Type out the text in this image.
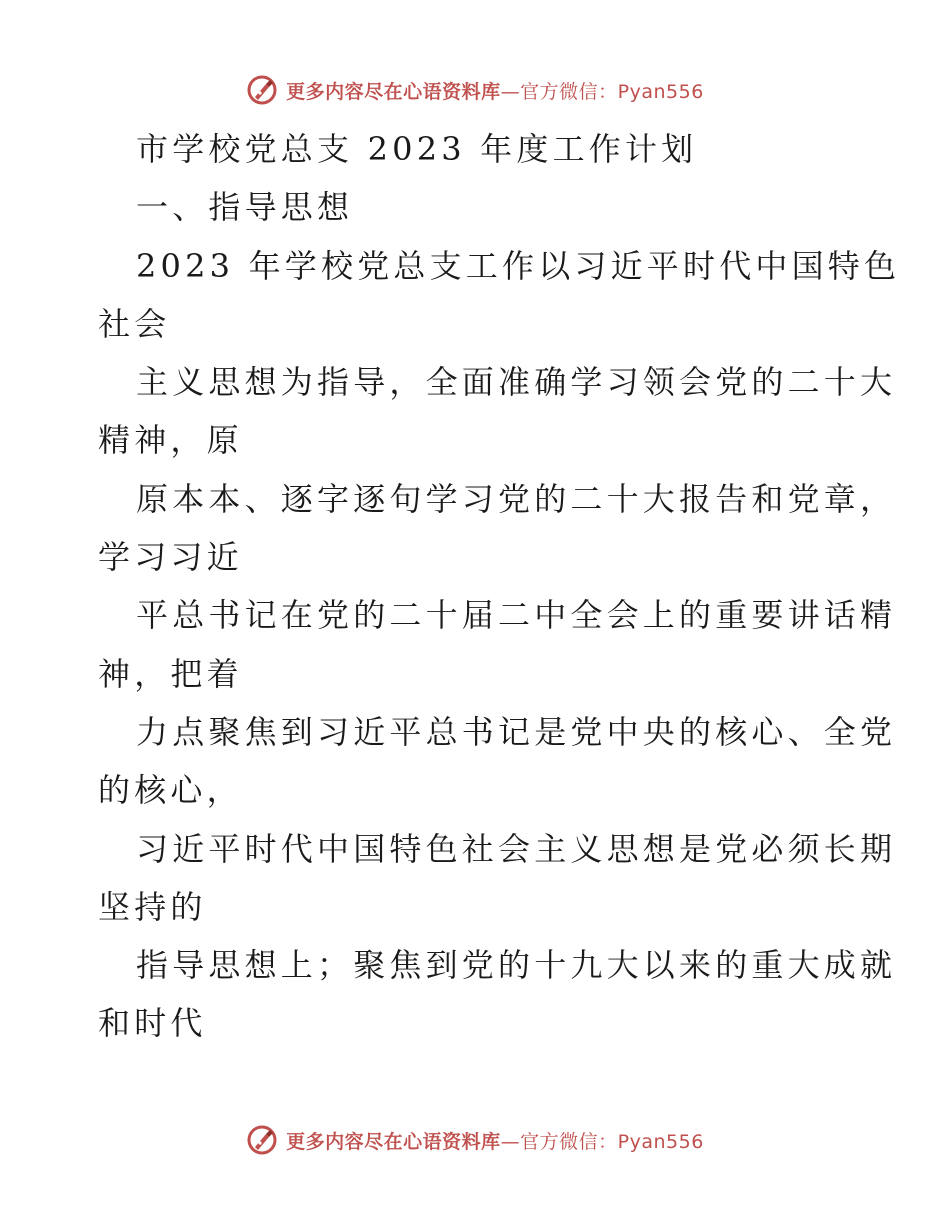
更多内容尽在心语资料库—官方微信：Pyan556
市学校党总支 2023 年度工作计划
一、指导思想
2023 年学校党总支工作以习近平时代中国特色
社会
主义思想为指导，全面准确学习领会党的二十大
精神，原
原本本、逐字逐句学习党的二十大报告和党章，
学习习近
平总书记在党的二十届二中全会上的重要讲话精
神，把着
力点聚焦到习近平总书记是党中央的核心、全党
的核心，
习近平时代中国特色社会主义思想是党必须长期
坚持的
指导思想上；聚焦到党的十九大以来的重大成就
和时代
更多内容尽在心语资料库—官方微信：Pyan556
